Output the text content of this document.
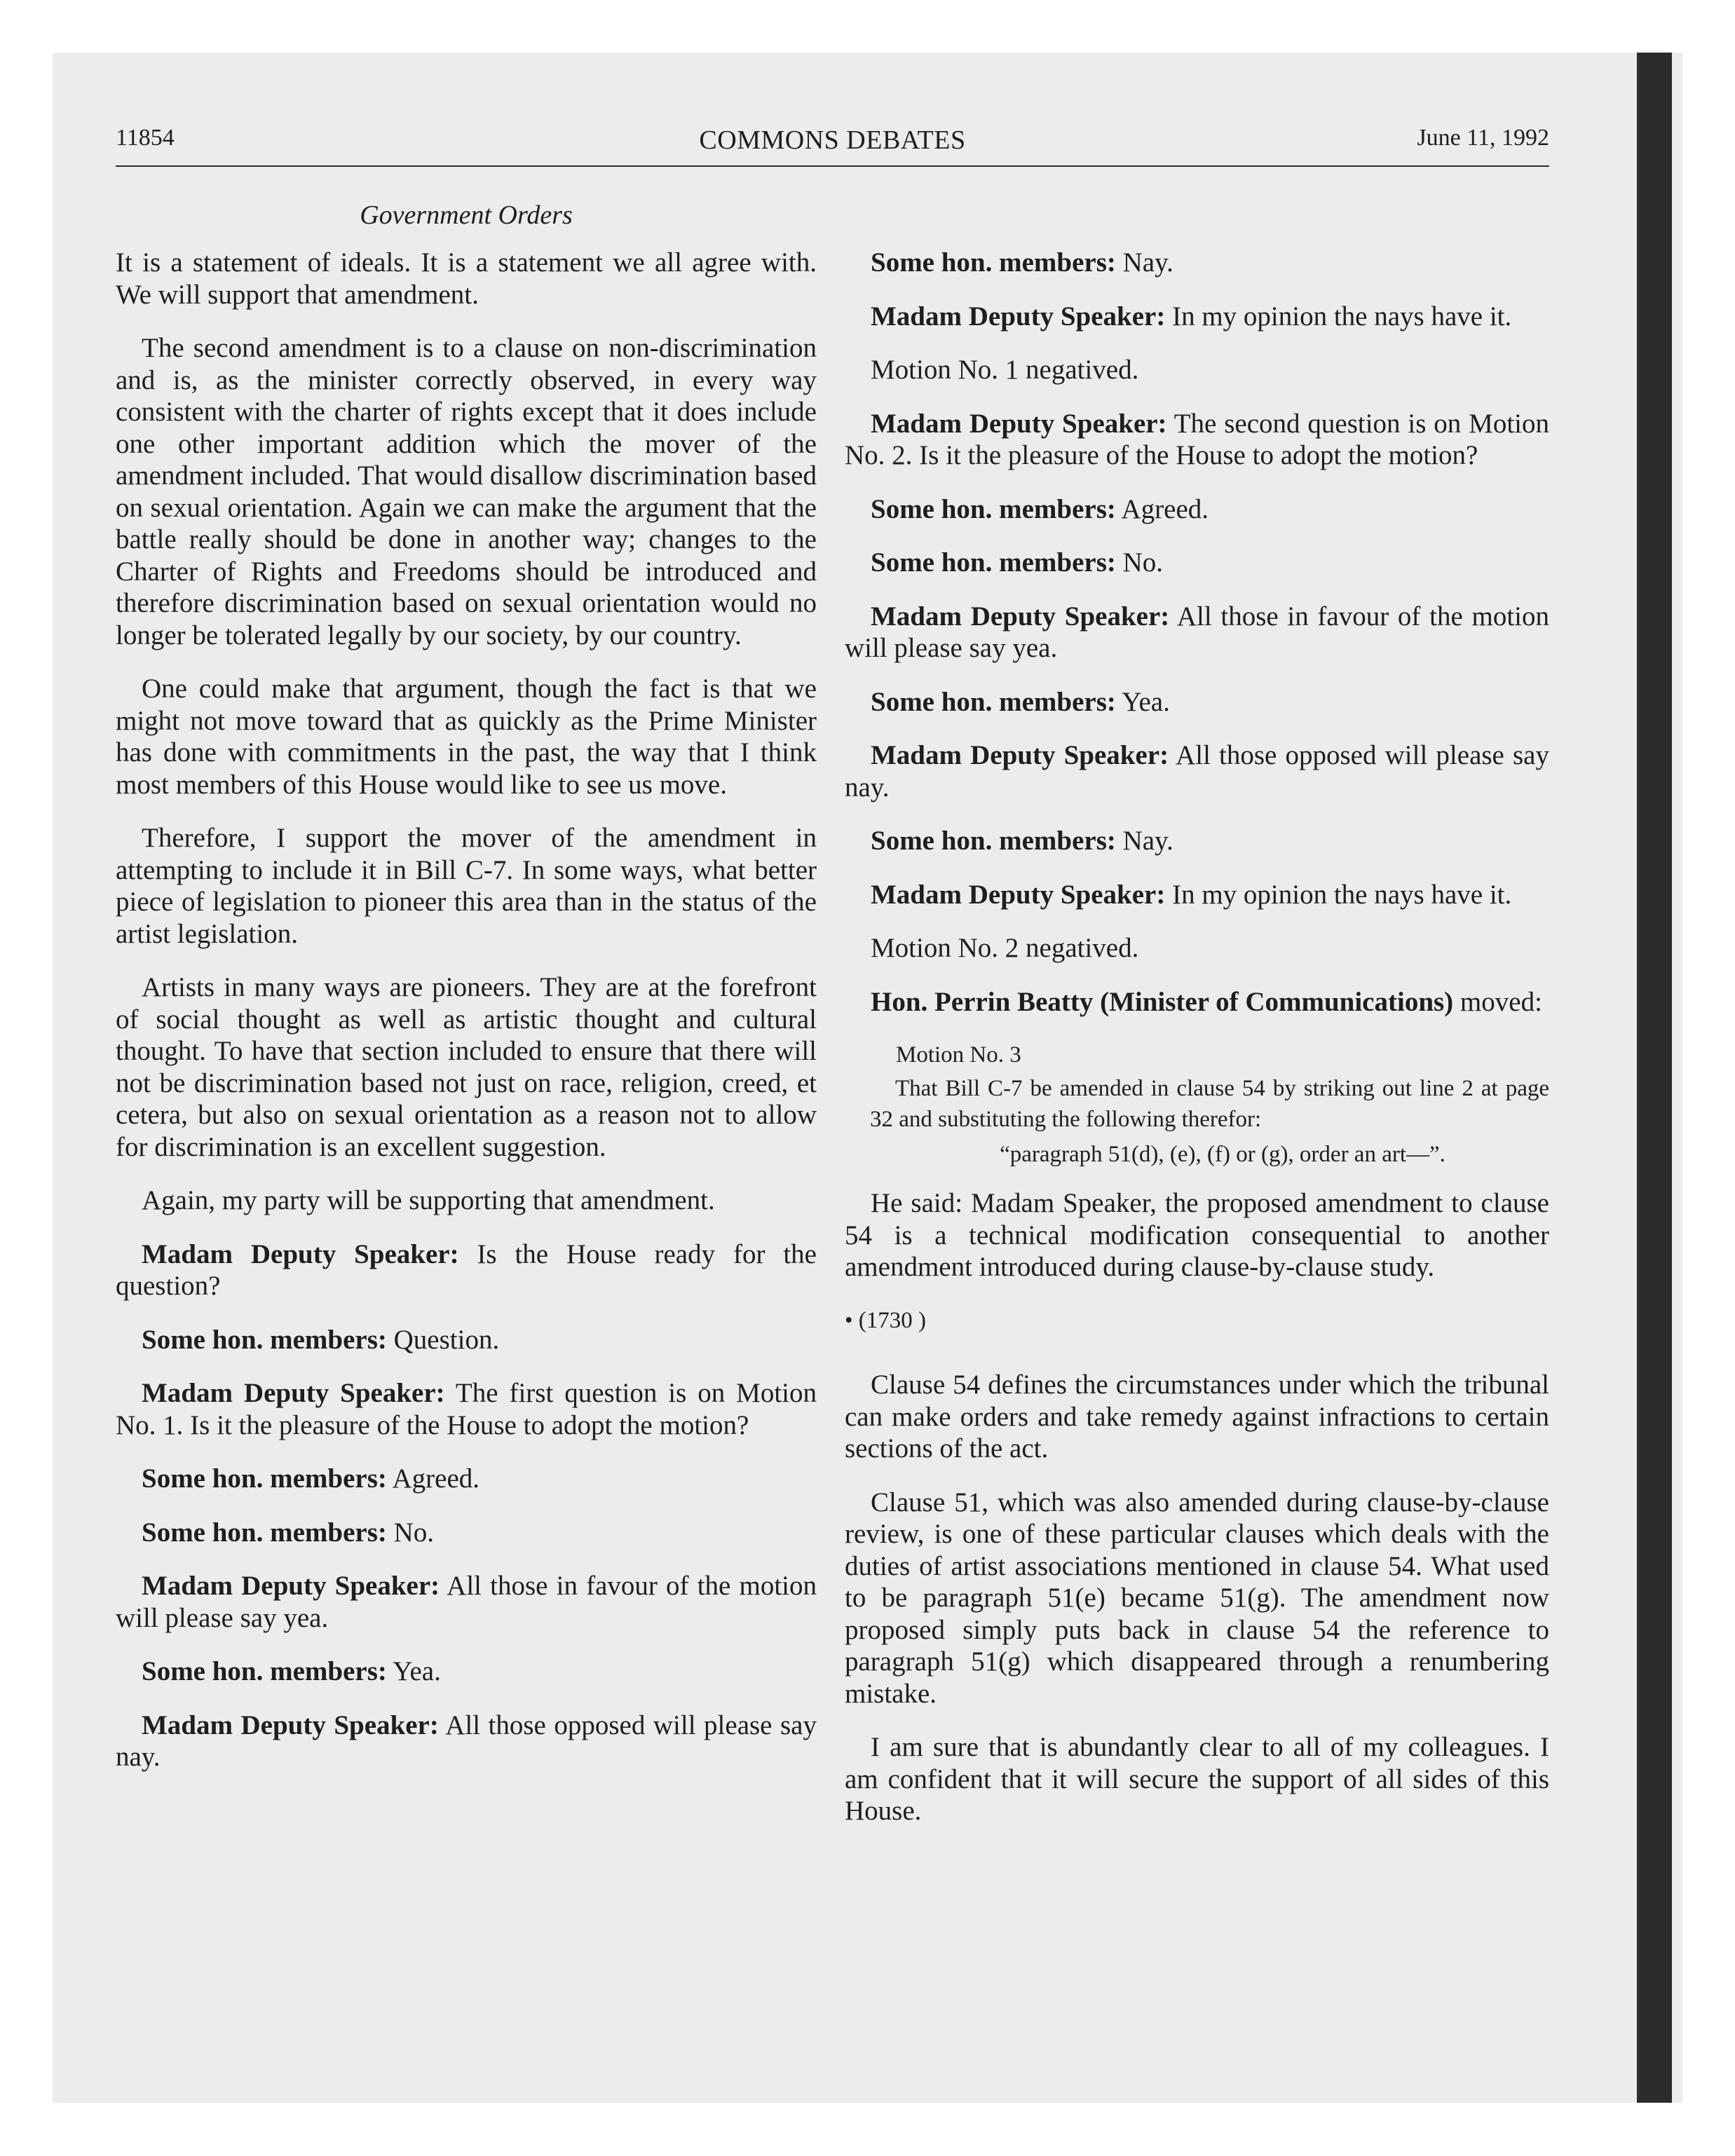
11854	COMMONS DEBATES	June 11, 1992
Government Orders

It is a statement of ideals. It is a statement we all agree with. We will support that amendment.

The second amendment is to a clause on non-discrimination and is, as the minister correctly observed, in every way consistent with the charter of rights except that it does include one other important addition which the mover of the amendment included. That would disallow discrimination based on sexual orientation. Again we can make the argument that the battle really should be done in another way; changes to the Charter of Rights and Freedoms should be introduced and therefore discrimination based on sexual orientation would no longer be tolerated legally by our society, by our country.

One could make that argument, though the fact is that we might not move toward that as quickly as the Prime Minister has done with commitments in the past, the way that I think most members of this House would like to see us move.

Therefore, I support the mover of the amendment in attempting to include it in Bill C-7. In some ways, what better piece of legislation to pioneer this area than in the status of the artist legislation.

Artists in many ways are pioneers. They are at the forefront of social thought as well as artistic thought and cultural thought. To have that section included to ensure that there will not be discrimination based not just on race, religion, creed, et cetera, but also on sexual orientation as a reason not to allow for discrimination is an excellent suggestion.

Again, my party will be supporting that amendment.

Madam Deputy Speaker: Is the House ready for the question?

Some hon. members: Question.

Madam Deputy Speaker: The first question is on Motion No. 1. Is it the pleasure of the House to adopt the motion?

Some hon. members: Agreed.

Some hon. members: No.

Madam Deputy Speaker: All those in favour of the motion will please say yea.

Some hon. members: Yea.

Madam Deputy Speaker: All those opposed will please say nay.

Some hon. members: Nay.

Madam Deputy Speaker: In my opinion the nays have it.

Motion No. 1 negatived.

Madam Deputy Speaker: The second question is on Motion No. 2. Is it the pleasure of the House to adopt the motion?

Some hon. members: Agreed.

Some hon. members: No.

Madam Deputy Speaker: All those in favour of the motion will please say yea.

Some hon. members: Yea.

Madam Deputy Speaker: All those opposed will please say nay.

Some hon. members: Nay.

Madam Deputy Speaker: In my opinion the nays have it.

Motion No. 2 negatived.

Hon. Perrin Beatty (Minister of Communications) moved:

Motion No. 3

That Bill C-7 be amended in clause 54 by striking out line 2 at page 32 and substituting the following therefor:

“paragraph 51(d), (e), (f) or (g), order an art—”.

He said: Madam Speaker, the proposed amendment to clause 54 is a technical modification consequential to another amendment introduced during clause-by-clause study.

• (1730 )

Clause 54 defines the circumstances under which the tribunal can make orders and take remedy against infractions to certain sections of the act.

Clause 51, which was also amended during clause-by-clause review, is one of these particular clauses which deals with the duties of artist associations mentioned in clause 54. What used to be paragraph 51(e) became 51(g). The amendment now proposed simply puts back in clause 54 the reference to paragraph 51(g) which disappeared through a renumbering mistake.

I am sure that is abundantly clear to all of my colleagues. I am confident that it will secure the support of all sides of this House.
